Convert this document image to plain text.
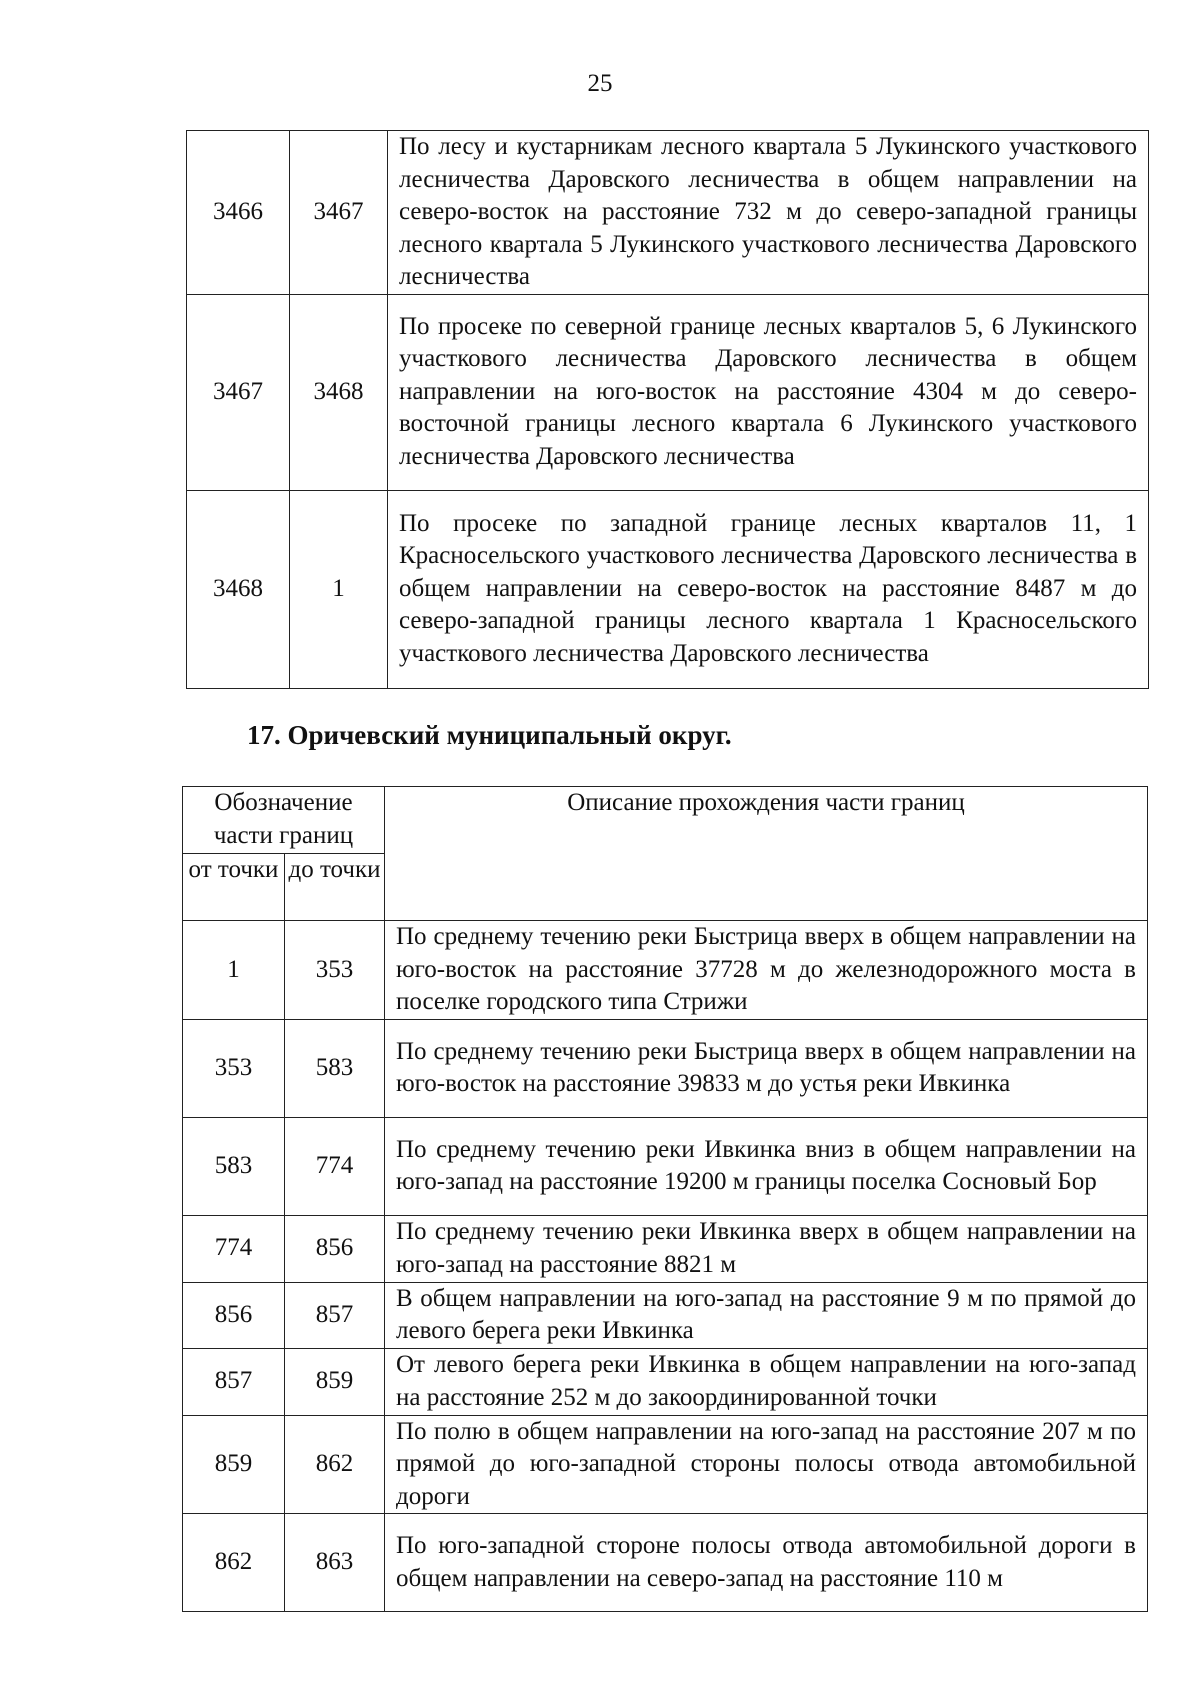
25
3466	3467	По лесу и кустарникам лесного квартала 5 Лукинского участкового лесничества Даровского лесничества в общем направлении на северо-восток на расстояние 732 м до северо-западной границы лесного квартала 5 Лукинского участкового лесничества Даровского лесничества
3467	3468	По просеке по северной границе лесных кварталов 5, 6 Лукинского участкового лесничества Даровского лесничества в общем направлении на юго-восток на расстояние 4304 м до северо-восточной границы лесного квартала 6 Лукинского участкового лесничества Даровского лесничества
3468	1	По просеке по западной границе лесных кварталов 11, 1 Красносельского участкового лесничества Даровского лесничества в общем направлении на северо-восток на расстояние 8487 м до северо-западной границы лесного квартала 1 Красносельского участкового лесничества Даровского лесничества
17. Оричевский муниципальный округ.
Обозначение части границ		Описание прохождения части границ
от точки	до точки	
1	353	По среднему течению реки Быстрица вверх в общем направлении на юго-восток на расстояние 37728 м до железнодорожного моста в поселке городского типа Стрижи
353	583	По среднему течению реки Быстрица вверх в общем направлении на юго-восток на расстояние 39833 м до устья реки Ивкинка
583	774	По среднему течению реки Ивкинка вниз в общем направлении на юго-запад на расстояние 19200 м границы поселка Сосновый Бор
774	856	По среднему течению реки Ивкинка вверх в общем направлении на юго-запад на расстояние 8821 м
856	857	В общем направлении на юго-запад на расстояние 9 м по прямой до левого берега реки Ивкинка
857	859	От левого берега реки Ивкинка в общем направлении на юго-запад на расстояние 252 м до закоординированной точки
859	862	По полю в общем направлении на юго-запад на расстояние 207 м по прямой до юго-западной стороны полосы отвода автомобильной дороги
862	863	По юго-западной стороне полосы отвода автомобильной дороги в общем направлении на северо-запад на расстояние 110 м
